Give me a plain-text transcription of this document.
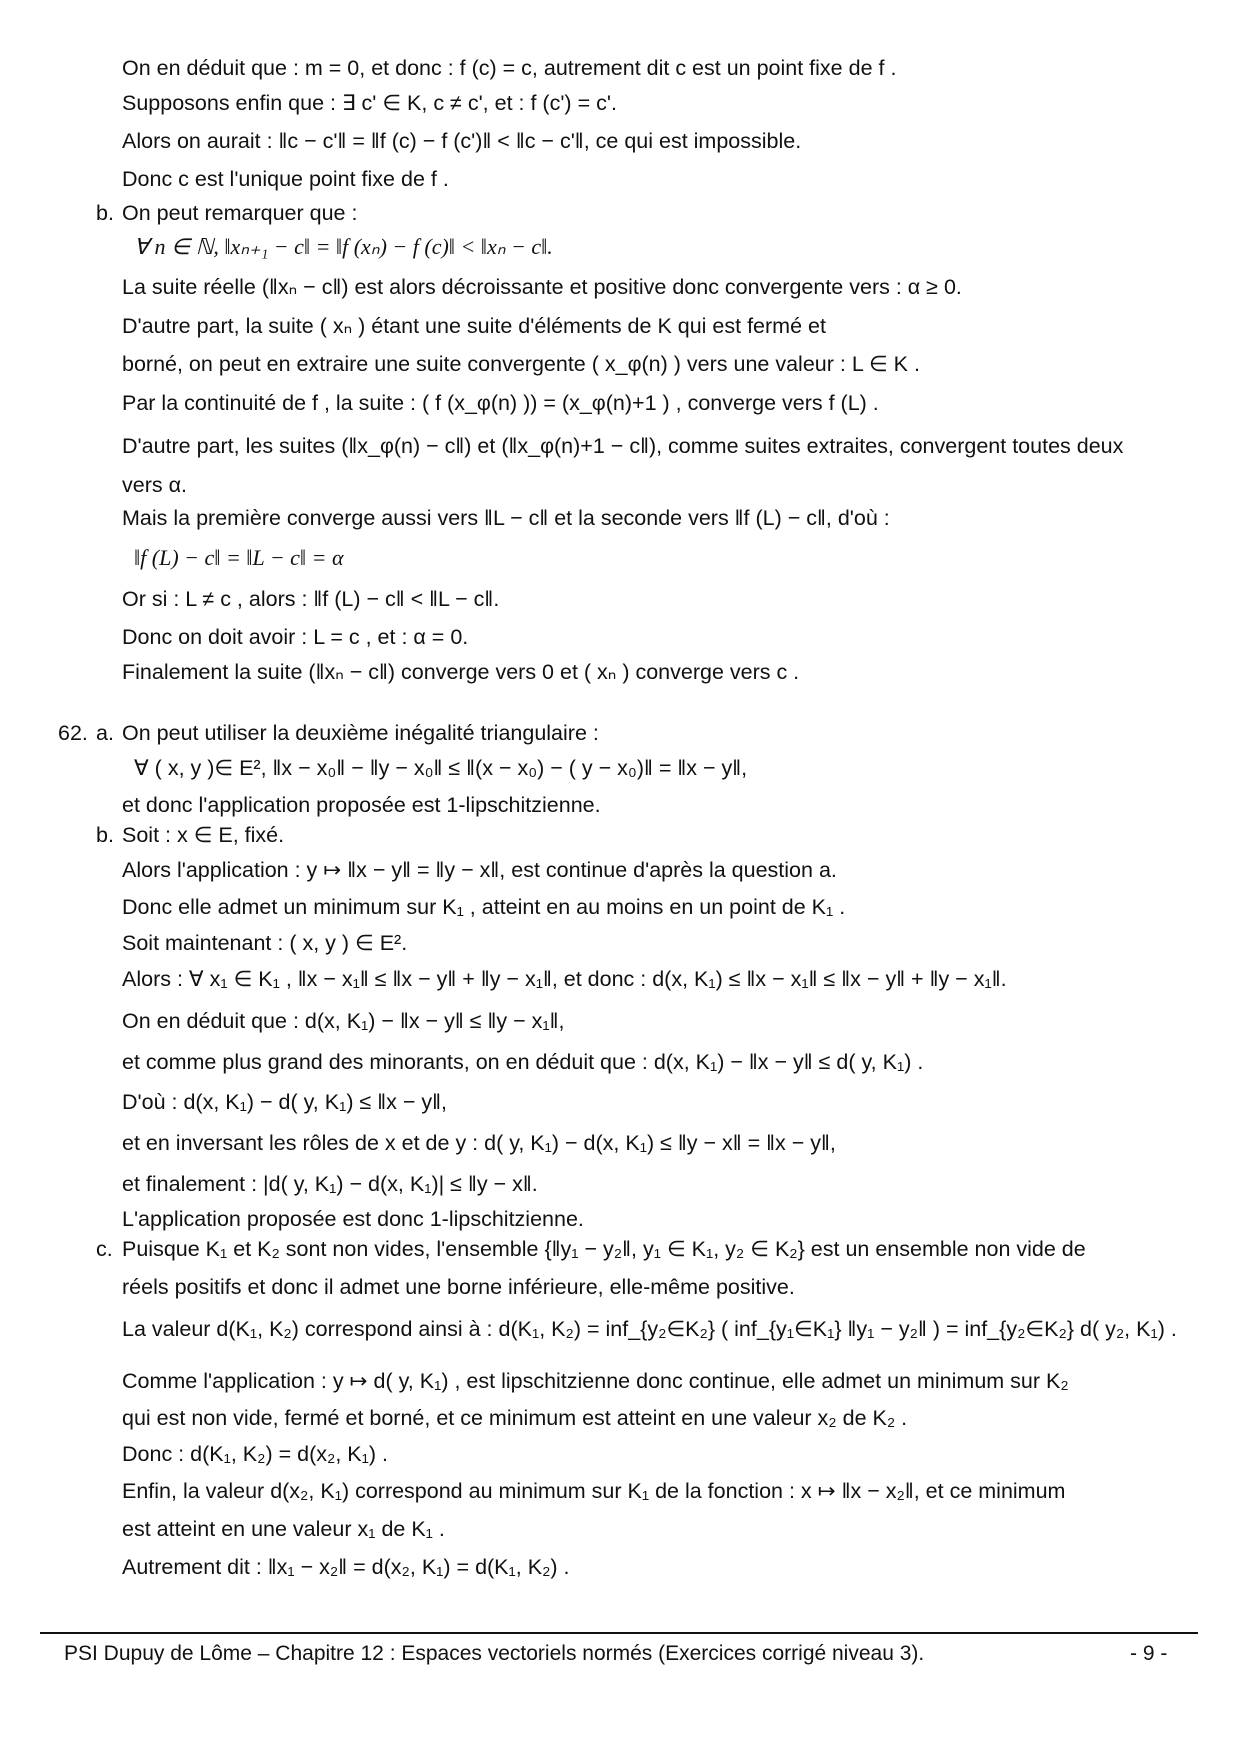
On en déduit que : m = 0, et donc : f (c) = c, autrement dit c est un point fixe de f .
Supposons enfin que : ∃ c' ∈ K, c ≠ c', et : f (c') = c'.
Alors on aurait : ‖c − c'‖ = ‖f (c) − f (c')‖ < ‖c − c'‖, ce qui est impossible.
Donc c est l'unique point fixe de f .
b. On peut remarquer que :
∀ n ∈ ℕ, ‖xₙ₊₁ − c‖ = ‖f (xₙ) − f (c)‖ < ‖xₙ − c‖.
La suite réelle (‖xₙ − c‖) est alors décroissante et positive donc convergente vers : α ≥ 0.
D'autre part, la suite ( xₙ ) étant une suite d'éléments de K qui est fermé et
borné, on peut en extraire une suite convergente ( x_φ(n) ) vers une valeur : L ∈ K .
Par la continuité de f , la suite : ( f (x_φ(n) )) = (x_φ(n)+1 ) , converge vers f (L) .
D'autre part, les suites (‖x_φ(n) − c‖) et (‖x_φ(n)+1 − c‖), comme suites extraites, convergent toutes deux
vers α.
Mais la première converge aussi vers ‖L − c‖ et la seconde vers ‖f (L) − c‖, d'où :
‖f (L) − c‖ = ‖L − c‖ = α
Or si : L ≠ c , alors : ‖f (L) − c‖ < ‖L − c‖.
Donc on doit avoir : L = c , et : α = 0.
Finalement la suite (‖xₙ − c‖) converge vers 0 et ( xₙ ) converge vers c .
62. a. On peut utiliser la deuxième inégalité triangulaire :
∀ ( x, y )∈ E², ‖x − x₀‖ − ‖y − x₀‖ ≤ ‖(x − x₀) − ( y − x₀)‖ = ‖x − y‖,
et donc l'application proposée est 1-lipschitzienne.
b. Soit : x ∈ E, fixé.
Alors l'application : y ↦ ‖x − y‖ = ‖y − x‖, est continue d'après la question a.
Donc elle admet un minimum sur K₁ , atteint en au moins en un point de K₁ .
Soit maintenant : ( x, y ) ∈ E².
Alors : ∀ x₁ ∈ K₁ , ‖x − x₁‖ ≤ ‖x − y‖ + ‖y − x₁‖, et donc : d(x, K₁) ≤ ‖x − x₁‖ ≤ ‖x − y‖ + ‖y − x₁‖.
On en déduit que : d(x, K₁) − ‖x − y‖ ≤ ‖y − x₁‖,
et comme plus grand des minorants, on en déduit que : d(x, K₁) − ‖x − y‖ ≤ d( y, K₁) .
D'où : d(x, K₁) − d( y, K₁) ≤ ‖x − y‖,
et en inversant les rôles de x et de y : d( y, K₁) − d(x, K₁) ≤ ‖y − x‖ = ‖x − y‖,
et finalement : |d( y, K₁) − d(x, K₁)| ≤ ‖y − x‖.
L'application proposée est donc 1-lipschitzienne.
c. Puisque K₁ et K₂ sont non vides, l'ensemble {‖y₁ − y₂‖, y₁ ∈ K₁, y₂ ∈ K₂} est un ensemble non vide de
réels positifs et donc il admet une borne inférieure, elle-même positive.
La valeur d(K₁, K₂) correspond ainsi à : d(K₁, K₂) = inf_{y₂∈K₂} ( inf_{y₁∈K₁} ‖y₁ − y₂‖ ) = inf_{y₂∈K₂} d( y₂, K₁) .
Comme l'application : y ↦ d( y, K₁) , est lipschitzienne donc continue, elle admet un minimum sur K₂
qui est non vide, fermé et borné, et ce minimum est atteint en une valeur x₂ de K₂ .
Donc : d(K₁, K₂) = d(x₂, K₁) .
Enfin, la valeur d(x₂, K₁) correspond au minimum sur K₁ de la fonction : x ↦ ‖x − x₂‖, et ce minimum
est atteint en une valeur x₁ de K₁ .
Autrement dit : ‖x₁ − x₂‖ = d(x₂, K₁) = d(K₁, K₂) .
PSI Dupuy de Lôme – Chapitre 12 : Espaces vectoriels normés (Exercices corrigé niveau 3).	- 9 -
